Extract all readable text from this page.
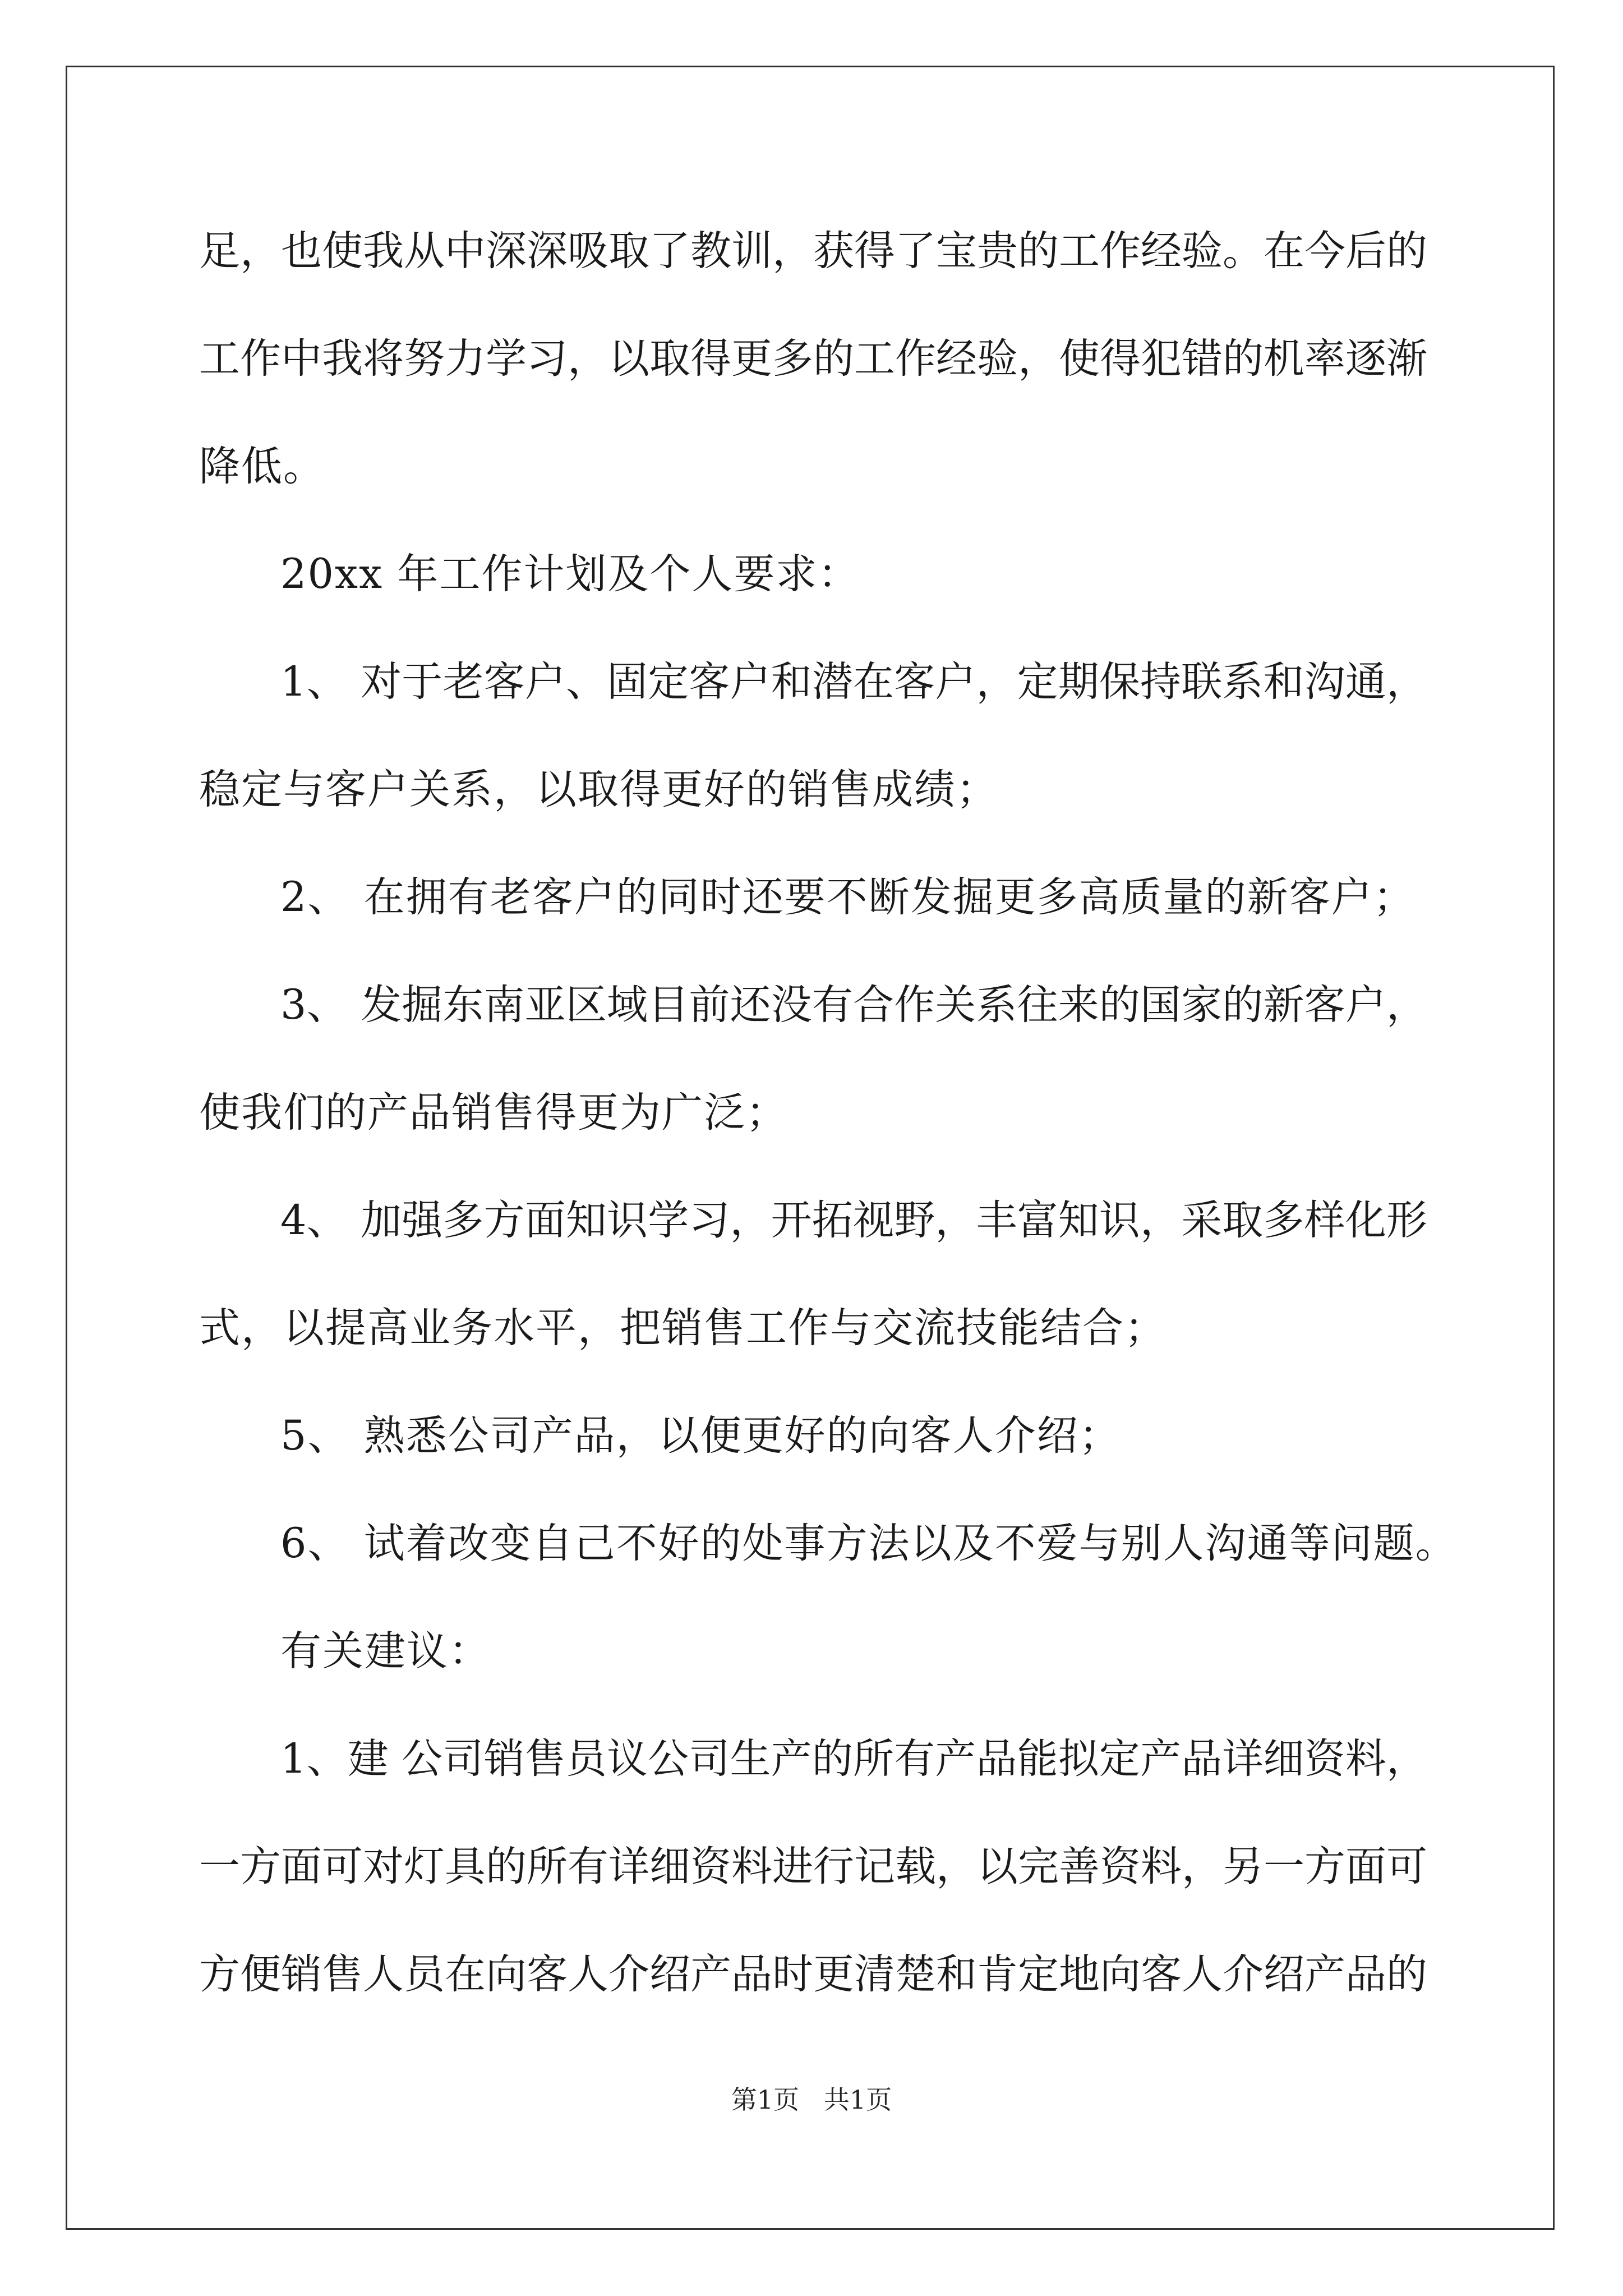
足，也使我从中深深吸取了教训，获得了宝贵的工作经验。在今后的
工作中我将努力学习，以取得更多的工作经验，使得犯错的机率逐渐
降低。
20xx 年工作计划及个人要求：
1、 对于老客户、固定客户和潜在客户，定期保持联系和沟通，
稳定与客户关系，以取得更好的销售成绩；
2、 在拥有老客户的同时还要不断发掘更多高质量的新客户；
3、 发掘东南亚区域目前还没有合作关系往来的国家的新客户，
使我们的产品销售得更为广泛；
4、 加强多方面知识学习，开拓视野，丰富知识，采取多样化形
式，以提高业务水平，把销售工作与交流技能结合；
5、 熟悉公司产品，以便更好的向客人介绍；
6、 试着改变自己不好的处事方法以及不爱与别人沟通等问题。
有关建议：
1、建 公司销售员议公司生产的所有产品能拟定产品详细资料，
一方面可对灯具的所有详细资料进行记载，以完善资料，另一方面可
方便销售人员在向客人介绍产品时更清楚和肯定地向客人介绍产品的
第1页   共1页
